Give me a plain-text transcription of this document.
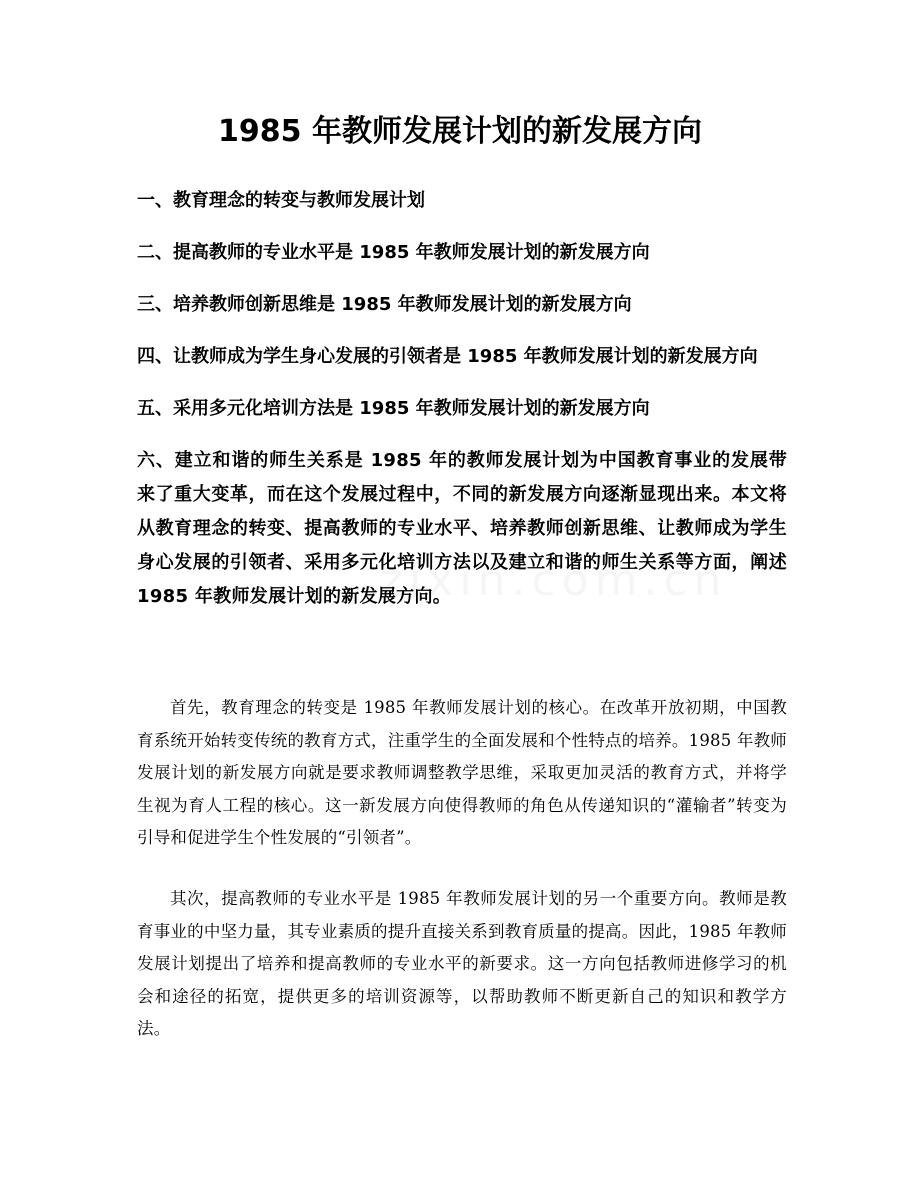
1985 年教师发展计划的新发展方向

一、教育理念的转变与教师发展计划

二、提高教师的专业水平是 1985 年教师发展计划的新发展方向

三、培养教师创新思维是 1985 年教师发展计划的新发展方向

四、让教师成为学生身心发展的引领者是 1985 年教师发展计划的新发展方向

五、采用多元化培训方法是 1985 年教师发展计划的新发展方向

六、建立和谐的师生关系是 1985 年的教师发展计划为中国教育事业的发展带来了重大变革，而在这个发展过程中，不同的新发展方向逐渐显现出来。本文将从教育理念的转变、提高教师的专业水平、培养教师创新思维、让教师成为学生身心发展的引领者、采用多元化培训方法以及建立和谐的师生关系等方面，阐述 1985 年教师发展计划的新发展方向。

首先，教育理念的转变是 1985 年教师发展计划的核心。在改革开放初期，中国教育系统开始转变传统的教育方式，注重学生的全面发展和个性特点的培养。1985 年教师发展计划的新发展方向就是要求教师调整教学思维，采取更加灵活的教育方式，并将学生视为育人工程的核心。这一新发展方向使得教师的角色从传递知识的“灌输者”转变为引导和促进学生个性发展的“引领者”。

其次，提高教师的专业水平是 1985 年教师发展计划的另一个重要方向。教师是教育事业的中坚力量，其专业素质的提升直接关系到教育质量的提高。因此，1985 年教师发展计划提出了培养和提高教师的专业水平的新要求。这一方向包括教师进修学习的机会和途径的拓宽，提供更多的培训资源等，以帮助教师不断更新自己的知识和教学方法。
